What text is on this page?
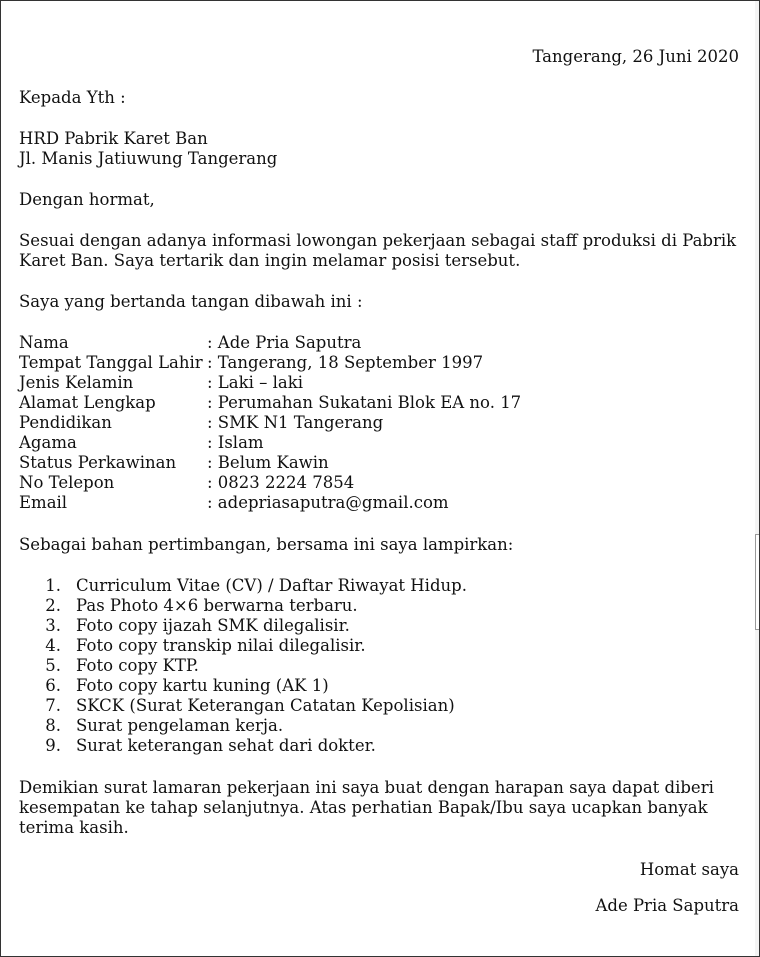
Tangerang, 26 Juni 2020

Kepada Yth :

HRD Pabrik Karet Ban

Jl. Manis Jatiuwung Tangerang

Dengan hormat,

Sesuai dengan adanya informasi lowongan pekerjaan sebagai staff produksi di Pabrik Karet Ban. Saya tertarik dan ingin melamar posisi tersebut.

Saya yang bertanda tangan dibawah ini :

Nama	: Ade Pria Saputra
Tempat Tanggal Lahir : Tangerang, 18 September 1997
Jenis Kelamin	: Laki – laki
Alamat Lengkap	: Perumahan Sukatani Blok EA no. 17
Pendidikan	: SMK N1 Tangerang
Agama	: Islam
Status Perkawinan	: Belum Kawin
No Telepon	: 0823 2224 7854
Email	: adepriasaputra@gmail.com

Sebagai bahan pertimbangan, bersama ini saya lampirkan:

1. Curriculum Vitae (CV) / Daftar Riwayat Hidup.
2. Pas Photo 4×6 berwarna terbaru.
3. Foto copy ijazah SMK dilegalisir.
4. Foto copy transkip nilai dilegalisir.
5. Foto copy KTP.
6. Foto copy kartu kuning (AK 1)
7. SKCK (Surat Keterangan Catatan Kepolisian)
8. Surat pengelaman kerja.
9. Surat keterangan sehat dari dokter.

Demikian surat lamaran pekerjaan ini saya buat dengan harapan saya dapat diberi kesempatan ke tahap selanjutnya. Atas perhatian Bapak/Ibu saya ucapkan banyak terima kasih.

Homat saya

Ade Pria Saputra
